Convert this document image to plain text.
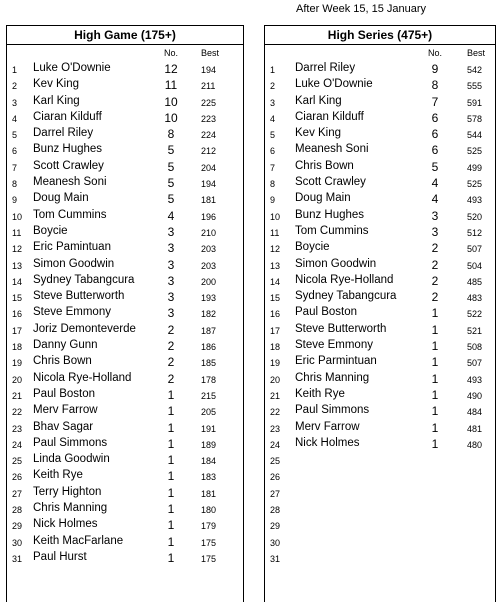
After Week 15, 15 January
High Game (175+)
No.	Best
1 Luke O'Downie	12	194
2 Kev King	11	211
3 Karl King	10	225
4 Ciaran Kilduff	10	223
5 Darrel Riley	8	224
6 Bunz Hughes	5	212
7 Scott Crawley	5	204
8 Meanesh Soni	5	194
9 Doug Main	5	181
10 Tom Cummins	4	196
11 Boycie	3	210
12 Eric Pamintuan	3	203
13 Simon Goodwin	3	203
14 Sydney Tabangcura	3	200
15 Steve Butterworth	3	193
16 Steve Emmony	3	182
17 Joriz Demonteverde	2	187
18 Danny Gunn	2	186
19 Chris Bown	2	185
20 Nicola Rye-Holland	2	178
21 Paul Boston	1	215
22 Merv Farrow	1	205
23 Bhav Sagar	1	191
24 Paul Simmons	1	189
25 Linda Goodwin	1	184
26 Keith Rye	1	183
27 Terry Highton	1	181
28 Chris Manning	1	180
29 Nick Holmes	1	179
30 Keith MacFarlane	1	175
31 Paul Hurst	1	175
High Series (475+)
No.	Best
1 Darrel Riley	9	542
2 Luke O'Downie	8	555
3 Karl King	7	591
4 Ciaran Kilduff	6	578
5 Kev King	6	544
6 Meanesh Soni	6	525
7 Chris Bown	5	499
8 Scott Crawley	4	525
9 Doug Main	4	493
10 Bunz Hughes	3	520
11 Tom Cummins	3	512
12 Boycie	2	507
13 Simon Goodwin	2	504
14 Nicola Rye-Holland	2	485
15 Sydney Tabangcura	2	483
16 Paul Boston	1	522
17 Steve Butterworth	1	521
18 Steve Emmony	1	508
19 Eric Parmintuan	1	507
20 Chris Manning	1	493
21 Keith Rye	1	490
22 Paul Simmons	1	484
23 Merv Farrow	1	481
24 Nick Holmes	1	480
25
26
27
28
29
30
31
